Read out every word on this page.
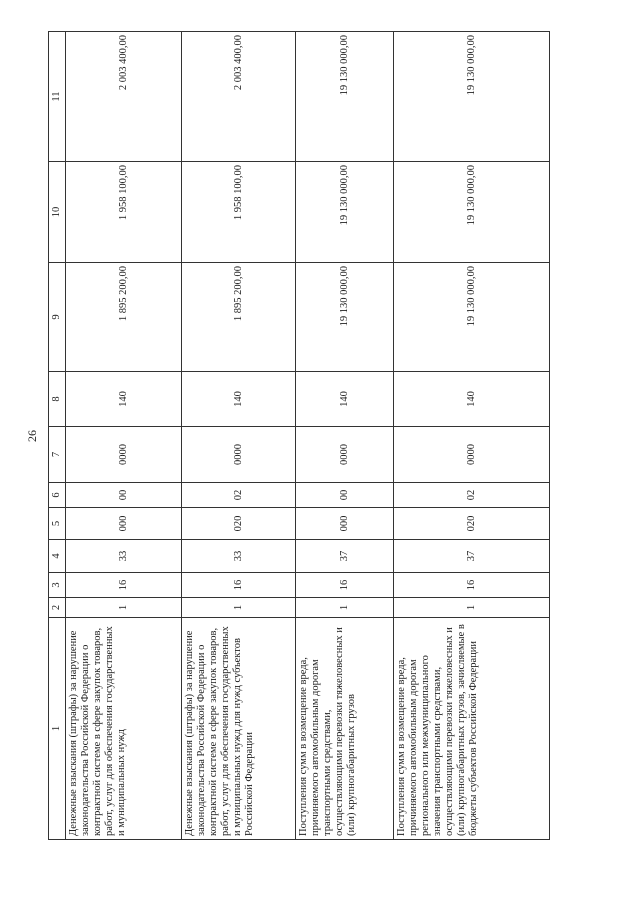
26
1	2	3	4	5	6	7	8	9	10	11
Денежные взыскания (штрафы) за нарушение законодательства Российской Федерации о контрактной системе в сфере закупок товаров, работ, услуг для обеспечения государственных и муниципальных нужд	1	16	33	000	00	0000	140	1 895 200,00	1 958 100,00	2 003 400,00
Денежные взыскания (штрафы) за нарушение законодательства Российской Федерации о контрактной системе в сфере закупок товаров, работ, услуг для обеспечения государственных и муниципальных нужд для нужд субъектов Российской Федерации	1	16	33	020	02	0000	140	1 895 200,00	1 958 100,00	2 003 400,00
Поступления сумм в возмещение вреда, причиняемого автомобильным дорогам транспортными средствами, осуществляющими перевозки тяжеловесных и (или) крупногабаритных грузов	1	16	37	000	00	0000	140	19 130 000,00	19 130 000,00	19 130 000,00
Поступления сумм в возмещение вреда, причиняемого автомобильным дорогам регионального или межмуниципального значения транспортными средствами, осуществляющими перевозки тяжеловесных и (или) крупногабаритных грузов, зачисляемые в бюджеты субъектов Российской Федерации	1	16	37	020	02	0000	140	19 130 000,00	19 130 000,00	19 130 000,00
